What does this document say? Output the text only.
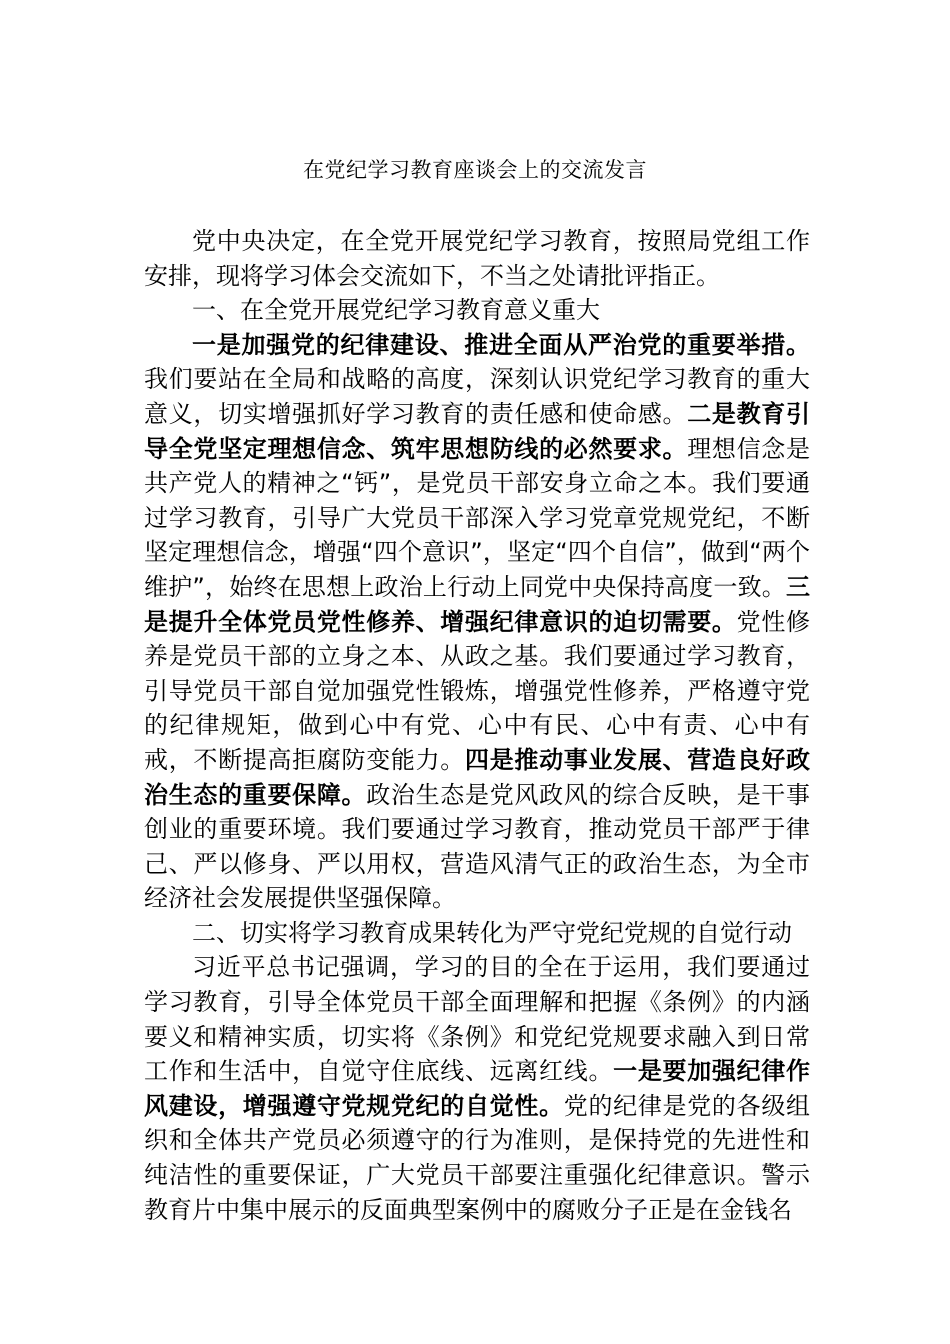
在党纪学习教育座谈会上的交流发言

党中央决定，在全党开展党纪学习教育，按照局党组工作安排，现将学习体会交流如下，不当之处请批评指正。

一、在全党开展党纪学习教育意义重大

一是加强党的纪律建设、推进全面从严治党的重要举措。我们要站在全局和战略的高度，深刻认识党纪学习教育的重大意义，切实增强抓好学习教育的责任感和使命感。二是教育引导全党坚定理想信念、筑牢思想防线的必然要求。理想信念是共产党人的精神之“钙”，是党员干部安身立命之本。我们要通过学习教育，引导广大党员干部深入学习党章党规党纪，不断坚定理想信念，增强“四个意识”，坚定“四个自信”，做到“两个维护”，始终在思想上政治上行动上同党中央保持高度一致。三是提升全体党员党性修养、增强纪律意识的迫切需要。党性修养是党员干部的立身之本、从政之基。我们要通过学习教育，引导党员干部自觉加强党性锻炼，增强党性修养，严格遵守党的纪律规矩，做到心中有党、心中有民、心中有责、心中有戒，不断提高拒腐防变能力。四是推动事业发展、营造良好政治生态的重要保障。政治生态是党风政风的综合反映，是干事创业的重要环境。我们要通过学习教育，推动党员干部严于律己、严以修身、严以用权，营造风清气正的政治生态，为全市经济社会发展提供坚强保障。

二、切实将学习教育成果转化为严守党纪党规的自觉行动

习近平总书记强调，学习的目的全在于运用，我们要通过学习教育，引导全体党员干部全面理解和把握《条例》的内涵要义和精神实质，切实将《条例》和党纪党规要求融入到日常工作和生活中，自觉守住底线、远离红线。一是要加强纪律作风建设，增强遵守党规党纪的自觉性。党的纪律是党的各级组织和全体共产党员必须遵守的行为准则，是保持党的先进性和纯洁性的重要保证，广大党员干部要注重强化纪律意识。警示教育片中集中展示的反面典型案例中的腐败分子正是在金钱名
